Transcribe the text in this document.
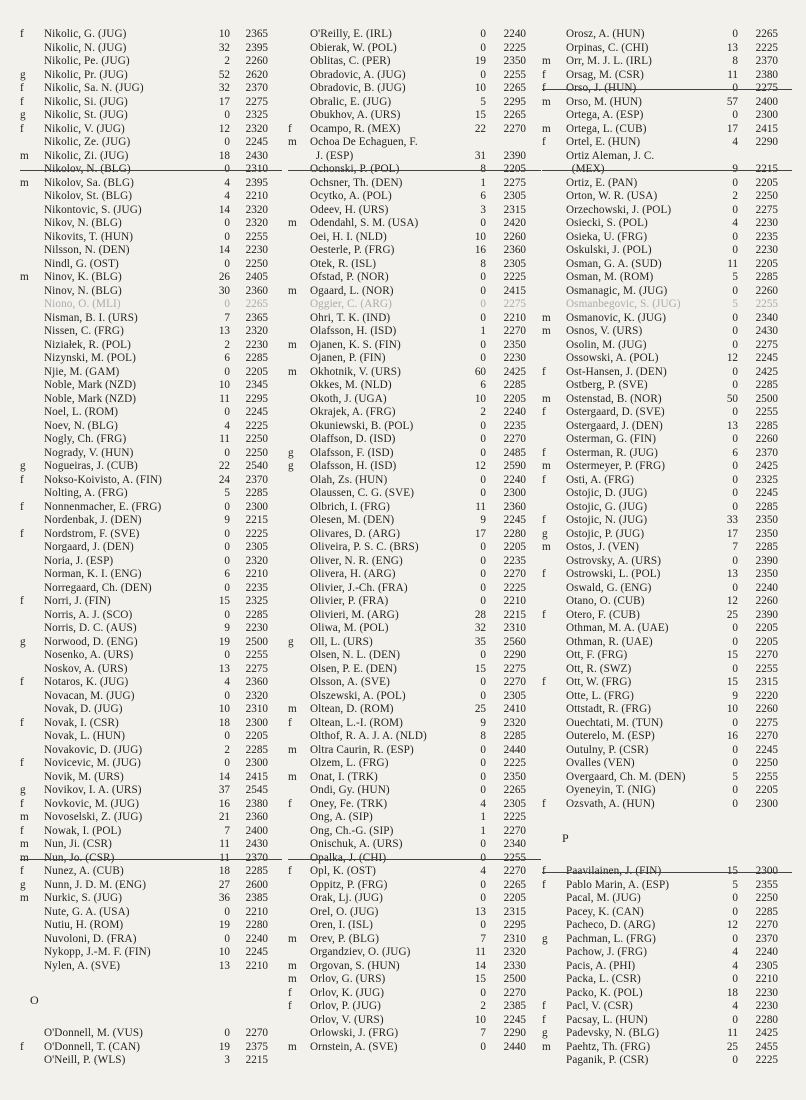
f Nikolic, G. (JUG)	10	2365
Nikolic, N. (JUG)	32	2395
Nikolic, Pe. (JUG)	2	2260
g Nikolic, Pr. (JUG)	52	2620
f Nikolic, Sa. N. (JUG)	32	2370
f Nikolic, Si. (JUG)	17	2275
g Nikolic, St. (JUG)	0	2325
f Nikolic, V. (JUG)	12	2320
Nikolic, Ze. (JUG)	0	2245
m Nikolic, Zi. (JUG)	18	2430
Nikolov, N. (BLG)	0	2310
m Nikolov, Sa. (BLG)	4	2395
Nikolov, St. (BLG)	4	2210
Nikontovic, S. (JUG)	14	2320
Nikov, N. (BLG)	0	2320
Nikovits, T. (HUN)	0	2255
Nilsson, N. (DEN)	14	2230
Nindl, G. (OST)	0	2250
m Ninov, K. (BLG)	26	2405
Ninov, N. (BLG)	30	2360
Niono, O. (MLI)	0	2265
Nisman, B. I. (URS)	7	2365
Nissen, C. (FRG)	13	2320
Niziałek, R. (POL)	2	2230
Nizynski, M. (POL)	6	2285
Njie, M. (GAM)	0	2205
Noble, Mark (NZD)	10	2345
Noble, Mark (NZD)	11	2295
Noel, L. (ROM)	0	2245
Noev, N. (BLG)	4	2225
Nogly, Ch. (FRG)	11	2250
Nogrady, V. (HUN)	0	2250
g Nogueiras, J. (CUB)	22	2540
f Nokso-Koivisto, A. (FIN)	24	2370
Nolting, A. (FRG)	5	2285
f Nonnenmacher, E. (FRG)	0	2300
Nordenbak, J. (DEN)	9	2215
f Nordstrom, F. (SVE)	0	2225
Norgaard, J. (DEN)	0	2305
Noria, J. (ESP)	0	2320
Norman, K. I. (ENG)	6	2210
Norregaard, Ch. (DEN)	0	2235
f Norri, J. (FIN)	15	2325
Norris, A. J. (SCO)	0	2285
Norris, D. C. (AUS)	9	2230
g Norwood, D. (ENG)	19	2500
Nosenko, A. (URS)	0	2255
Noskov, A. (URS)	13	2275
f Notaros, K. (JUG)	4	2360
Novacan, M. (JUG)	0	2320
Novak, D. (JUG)	10	2310
f Novak, I. (CSR)	18	2300
Novak, L. (HUN)	0	2205
Novakovic, D. (JUG)	2	2285
f Novicevic, M. (JUG)	0	2300
Novik, M. (URS)	14	2415
g Novikov, I. A. (URS)	37	2545
f Novkovic, M. (JUG)	16	2380
m Novoselski, Z. (JUG)	21	2360
f Nowak, I. (POL)	7	2400
m Nun, Ji. (CSR)	11	2430
m Nun, Jo. (CSR)	11	2370
f Nunez, A. (CUB)	18	2285
g Nunn, J. D. M. (ENG)	27	2600
m Nurkic, S. (JUG)	36	2385
Nute, G. A. (USA)	0	2210
Nutiu, H. (ROM)	19	2280
Nuvoloni, D. (FRA)	0	2240
Nykopp, J.-M. F. (FIN)	10	2245
Nylen, A. (SVE)	13	2210
O
O'Donnell, M. (VUS)	0	2270
f O'Donnell, T. (CAN)	19	2375
O'Neill, P. (WLS)	3	2215
O'Reilly, E. (IRL)	0	2240
Obierak, W. (POL)	0	2225
Oblitas, C. (PER)	19	2350
Obradovic, A. (JUG)	0	2255
Obradovic, B. (JUG)	10	2265
Obralic, E. (JUG)	5	2295
Obukhov, A. (URS)	15	2265
f Ocampo, R. (MEX)	22	2270
m Ochoa De Echaguen, F.
J. (ESP)	31	2390
Ochonski, P. (POL)	8	2205
Ochsner, Th. (DEN)	1	2275
Ocytko, A. (POL)	6	2305
Odeev, H. (URS)	3	2315
m Odendahl, S. M. (USA)	0	2420
Oei, H. I. (NLD)	10	2260
Oesterle, P. (FRG)	16	2360
Otek, R. (ISL)	8	2305
Ofstad, P. (NOR)	0	2225
m Ogaard, L. (NOR)	0	2415
Oggier, C. (ARG)	0	2275
Ohri, T. K. (IND)	0	2210
Olafsson, H. (ISD)	1	2270
m Ojanen, K. S. (FIN)	0	2350
Ojanen, P. (FIN)	0	2230
m Okhotnik, V. (URS)	60	2425
Okkes, M. (NLD)	6	2285
Okoth, J. (UGA)	10	2205
Okrajek, A. (FRG)	2	2240
Okuniewski, B. (POL)	0	2235
Olaffson, D. (ISD)	0	2270
g Olafsson, F. (ISD)	0	2485
g Olafsson, H. (ISD)	12	2590
Olah, Zs. (HUN)	0	2240
Olaussen, C. G. (SVE)	0	2300
Olbrich, I. (FRG)	11	2360
Olesen, M. (DEN)	9	2245
Olivares, D. (ARG)	17	2280
Oliveira, P. S. C. (BRS)	0	2205
Oliver, N. R. (ENG)	0	2235
Olivera, H. (ARG)	0	2270
Olivier, J.-Ch. (FRA)	0	2225
Olivier, P. (FRA)	0	2210
Olivieri, M. (ARG)	28	2215
Oliwa, M. (POL)	32	2310
g Oll, L. (URS)	35	2560
Olsen, N. L. (DEN)	0	2290
Olsen, P. E. (DEN)	15	2275
Olsson, A. (SVE)	0	2270
Olszewski, A. (POL)	0	2305
m Oltean, D. (ROM)	25	2410
f Oltean, L.-I. (ROM)	9	2320
Olthof, R. A. J. A. (NLD)	8	2285
m Oltra Caurin, R. (ESP)	0	2440
Olzem, L. (FRG)	0	2225
m Onat, I. (TRK)	0	2350
Ondi, Gy. (HUN)	0	2265
f Oney, Fe. (TRK)	4	2305
Ong, A. (SIP)	1	2225
Ong, Ch.-G. (SIP)	1	2270
Onischuk, A. (URS)	0	2340
Opalka, J. (CHI)	0	2255
f Opl, K. (OST)	4	2270
Oppitz, P. (FRG)	0	2265
Orak, Lj. (JUG)	0	2205
Orel, O. (JUG)	13	2315
Oren, I. (ISL)	0	2295
m Orev, P. (BLG)	7	2310
Organdziev, O. (JUG)	11	2320
m Orgovan, S. (HUN)	14	2330
m Orlov, G. (URS)	15	2500
f Orlov, K. (JUG)	0	2270
f Orlov, P. (JUG)	2	2385
Orlov, V. (URS)	10	2245
Orlowski, J. (FRG)	7	2290
m Ornstein, A. (SVE)	0	2440
Orosz, A. (HUN)	0	2265
Orpinas, C. (CHI)	13	2225
m Orr, M. J. L. (IRL)	8	2370
f Orsag, M. (CSR)	11	2380
f Orso, J. (HUN)	0	2275
m Orso, M. (HUN)	57	2400
Ortega, A. (ESP)	0	2300
m Ortega, L. (CUB)	17	2415
f Ortel, E. (HUN)	4	2290
Ortiz Aleman, J. C.
(MEX)	9	2215
Ortiz, E. (PAN)	0	2205
Orton, W. R. (USA)	2	2250
Orzechowski, J. (POL)	0	2275
Osiecki, S. (POL)	4	2230
Osieka, U. (FRG)	0	2235
Oskulski, J. (POL)	0	2230
Osman, G. A. (SUD)	11	2205
Osman, M. (ROM)	5	2285
Osmanagic, M. (JUG)	0	2260
Osmanbegovic, S. (JUG)	5	2255
m Osmanovic, K. (JUG)	0	2340
m Osnos, V. (URS)	0	2430
Osolin, M. (JUG)	0	2275
Ossowski, A. (POL)	12	2245
f Ost-Hansen, J. (DEN)	0	2425
Ostberg, P. (SVE)	0	2285
m Ostenstad, B. (NOR)	50	2500
f Ostergaard, D. (SVE)	0	2255
Ostergaard, J. (DEN)	13	2285
Osterman, G. (FIN)	0	2260
f Osterman, R. (JUG)	6	2370
m Ostermeyer, P. (FRG)	0	2425
f Osti, A. (FRG)	0	2325
Ostojic, D. (JUG)	0	2245
Ostojic, G. (JUG)	0	2285
f Ostojic, N. (JUG)	33	2350
g Ostojic, P. (JUG)	17	2350
m Ostos, J. (VEN)	7	2285
Ostrovsky, A. (URS)	0	2390
f Ostrowski, L. (POL)	13	2350
Oswald, G. (ENG)	0	2240
Otano, O. (CUB)	12	2260
f Otero, F. (CUB)	25	2390
Othman, M. A. (UAE)	0	2205
Othman, R. (UAE)	0	2205
Ott, F. (FRG)	15	2270
Ott, R. (SWZ)	0	2255
f Ott, W. (FRG)	15	2315
Otte, L. (FRG)	9	2220
Ottstadt, R. (FRG)	10	2260
Ouechtati, M. (TUN)	0	2275
Outerelo, M. (ESP)	16	2270
Outulny, P. (CSR)	0	2245
Ovalles (VEN)	0	2250
Overgaard, Ch. M. (DEN)	5	2255
Oyeneyin, T. (NIG)	0	2205
f Ozsvath, A. (HUN)	0	2300
P
f Paavilainen, J. (FIN)	15	2300
f Pablo Marin, A. (ESP)	5	2355
Pacal, M. (JUG)	0	2250
Pacey, K. (CAN)	0	2285
Pacheco, D. (ARG)	12	2270
g Pachman, L. (FRG)	0	2370
Pachow, J. (FRG)	4	2240
Pacis, A. (PHI)	4	2305
Packa, L. (CSR)	0	2210
Packo, K. (POL)	18	2230
f Pacl, V. (CSR)	4	2230
f Pacsay, L. (HUN)	0	2280
g Padevsky, N. (BLG)	11	2425
m Paehtz, Th. (FRG)	25	2455
Paganik, P. (CSR)	0	2225
